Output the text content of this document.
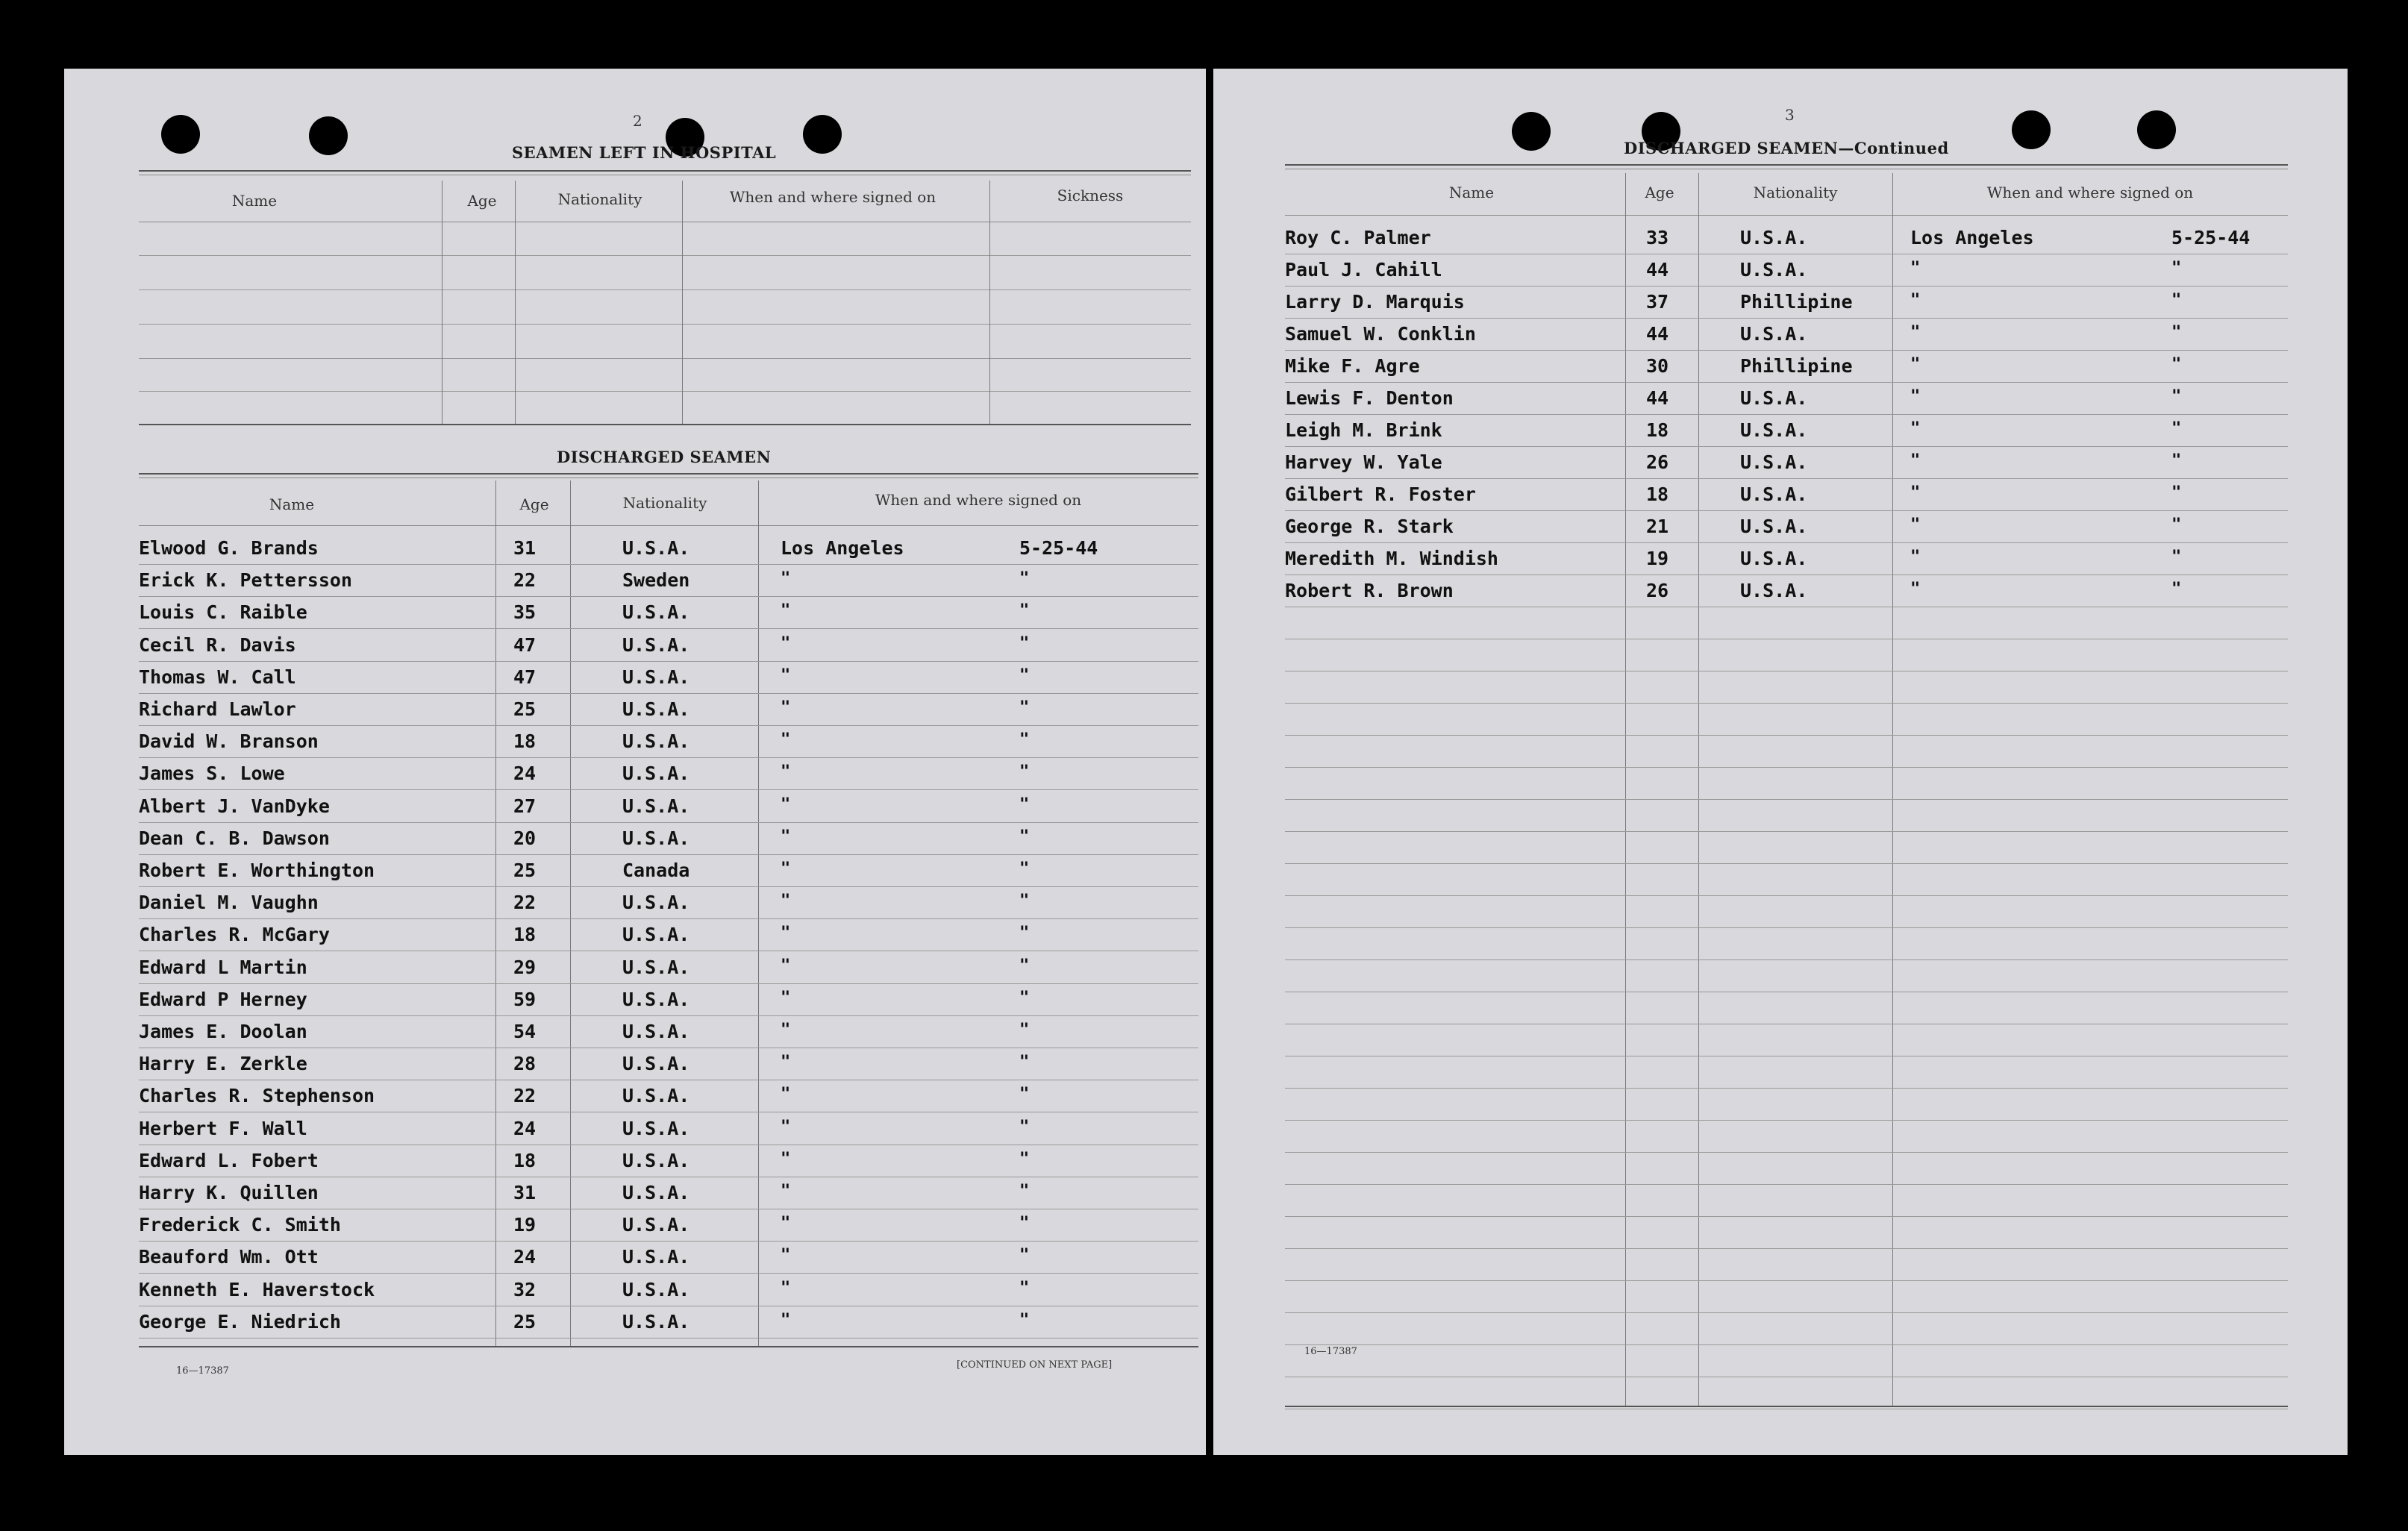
2
SEAMEN LEFT IN HOSPITAL
Name	Age	Nationality	When and where signed on	Sickness
DISCHARGED SEAMEN
Name	Age	Nationality	When and where signed on
Elwood G. Brands	31	U.S.A.	Los Angeles	5-25-44
Erick K. Pettersson	22	Sweden	"	"
Louis C. Raible	35	U.S.A.	"	"
Cecil R. Davis	47	U.S.A.	"	"
Thomas W. Call	47	U.S.A.	"	"
Richard Lawlor	25	U.S.A.	"	"
David W. Branson	18	U.S.A.	"	"
James S. Lowe	24	U.S.A.	"	"
Albert J. VanDyke	27	U.S.A.	"	"
Dean C. B. Dawson	20	U.S.A.	"	"
Robert E. Worthington	25	Canada	"	"
Daniel M. Vaughn	22	U.S.A.	"	"
Charles R. McGary	18	U.S.A.	"	"
Edward L Martin	29	U.S.A.	"	"
Edward P Herney	59	U.S.A.	"	"
James E. Doolan	54	U.S.A.	"	"
Harry E. Zerkle	28	U.S.A.	"	"
Charles R. Stephenson	22	U.S.A.	"	"
Herbert F. Wall	24	U.S.A.	"	"
Edward L. Fobert	18	U.S.A.	"	"
Harry K. Quillen	31	U.S.A.	"	"
Frederick C. Smith	19	U.S.A.	"	"
Beauford Wm. Ott	24	U.S.A.	"	"
Kenneth E. Haverstock	32	U.S.A.	"	"
George E. Niedrich	25	U.S.A.	"	"
16—17387
[CONTINUED ON NEXT PAGE]
3
DISCHARGED SEAMEN—Continued
Name	Age	Nationality	When and where signed on
Roy C. Palmer	33	U.S.A.	Los Angeles	5-25-44
Paul J. Cahill	44	U.S.A.	"	"
Larry D. Marquis	37	Phillipine	"	"
Samuel W. Conklin	44	U.S.A.	"	"
Mike F. Agre	30	Phillipine	"	"
Lewis F. Denton	44	U.S.A.	"	"
Leigh M. Brink	18	U.S.A.	"	"
Harvey W. Yale	26	U.S.A.	"	"
Gilbert R. Foster	18	U.S.A.	"	"
George R. Stark	21	U.S.A.	"	"
Meredith M. Windish	19	U.S.A.	"	"
Robert R. Brown	26	U.S.A.	"	"
16—17387
